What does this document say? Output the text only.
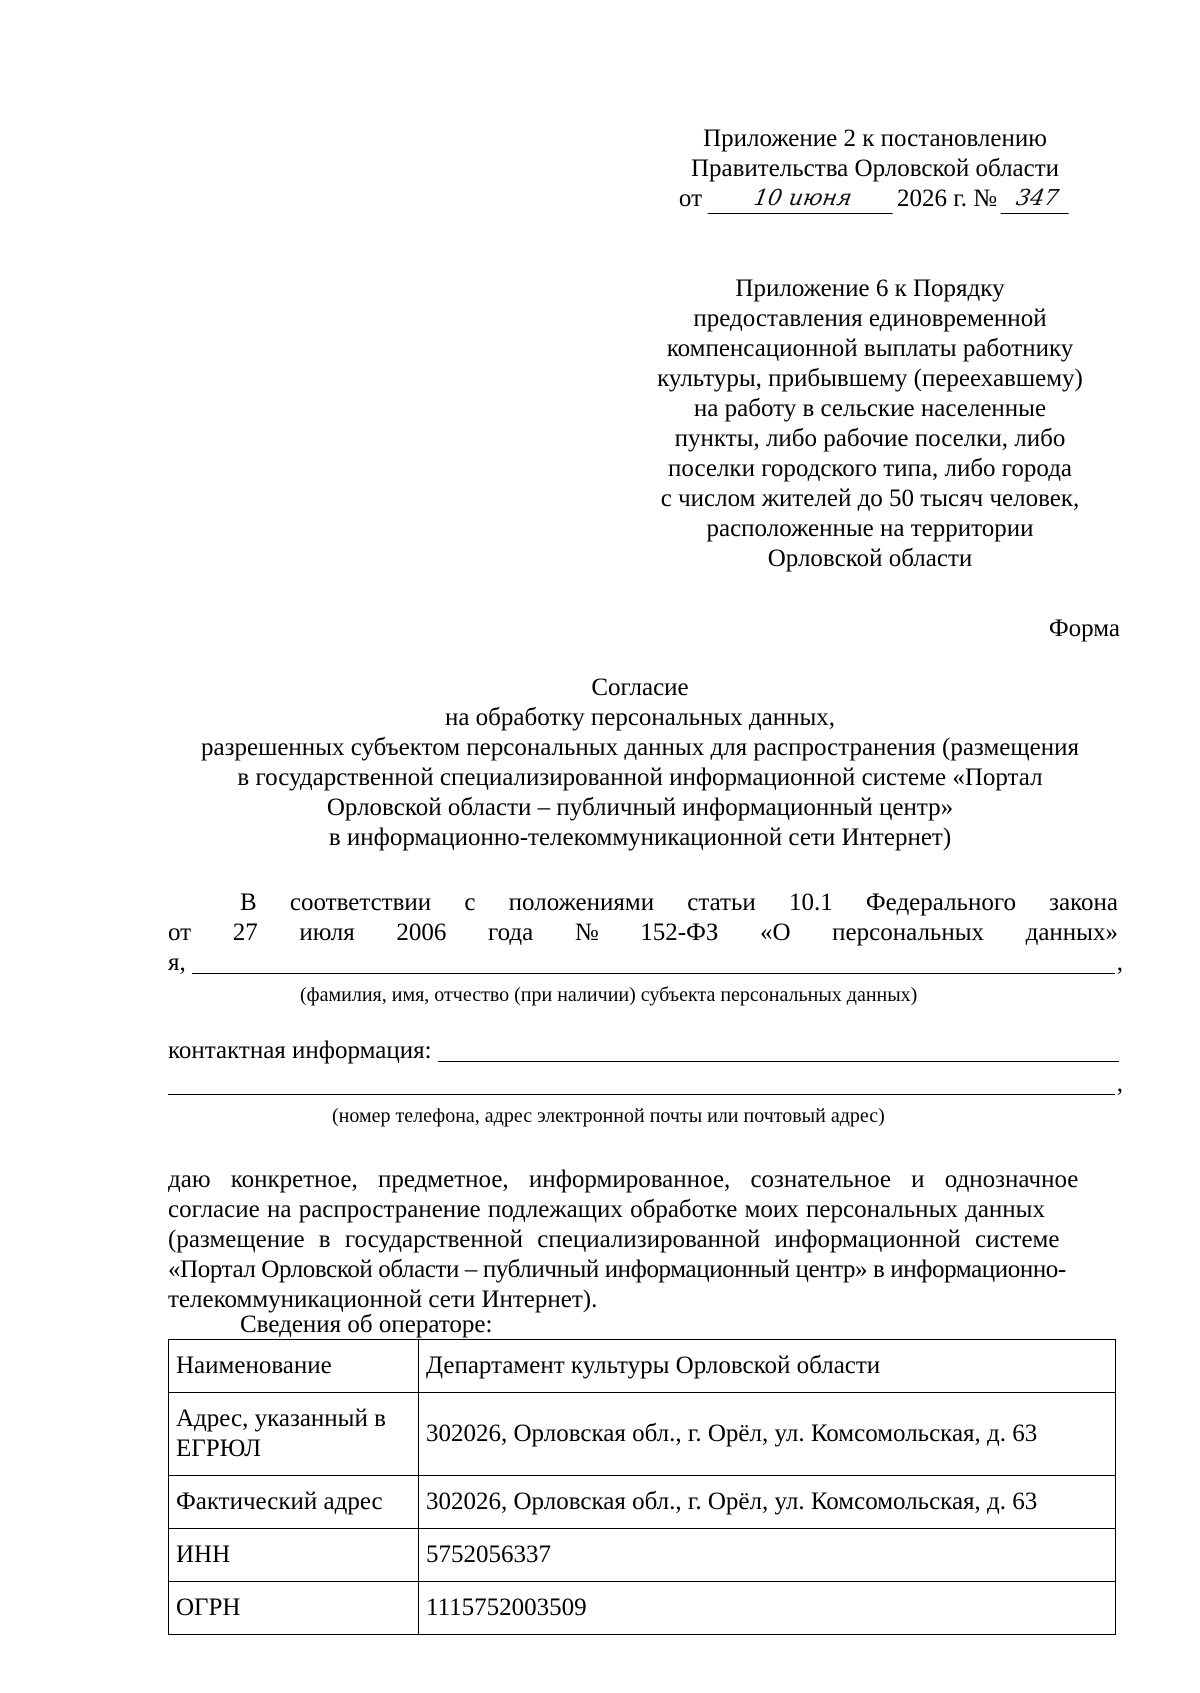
Приложение 2 к постановлению
Правительства Орловской области
от	10 июня	2026 г. № 347
Приложение 6 к Порядку
предоставления единовременной
компенсационной выплаты работнику
культуры, прибывшему (переехавшему)
на работу в сельские населенные
пункты, либо рабочие поселки, либо
поселки городского типа, либо города
с числом жителей до 50 тысяч человек,
расположенные на территории
Орловской области
Форма
Согласие
на обработку персональных данных,
разрешенных субъектом персональных данных для распространения (размещения
в государственной специализированной информационной системе «Портал
Орловской области – публичный информационный центр»
в информационно-телекоммуникационной сети Интернет)
В соответствии с положениями статьи 10.1 Федерального закона
от 27 июля 2006 года № 152-ФЗ «О персональных данных»
я,	,
(фамилия, имя, отчество (при наличии) субъекта персональных данных)
контактная информация:
,
(номер телефона, адрес электронной почты или почтовый адрес)
даю конкретное, предметное, информированное, сознательное и однозначное
согласие на распространение подлежащих обработке моих персональных данных
(размещение в государственной специализированной информационной системе
«Портал Орловской области – публичный информационный центр» в информационно-
телекоммуникационной сети Интернет).
Сведения об операторе:
Наименование	Департамент культуры Орловской области
Адрес, указанный в ЕГРЮЛ	302026, Орловская обл., г. Орёл, ул. Комсомольская, д. 63
Фактический адрес	302026, Орловская обл., г. Орёл, ул. Комсомольская, д. 63
ИНН	5752056337
ОГРН	1115752003509
